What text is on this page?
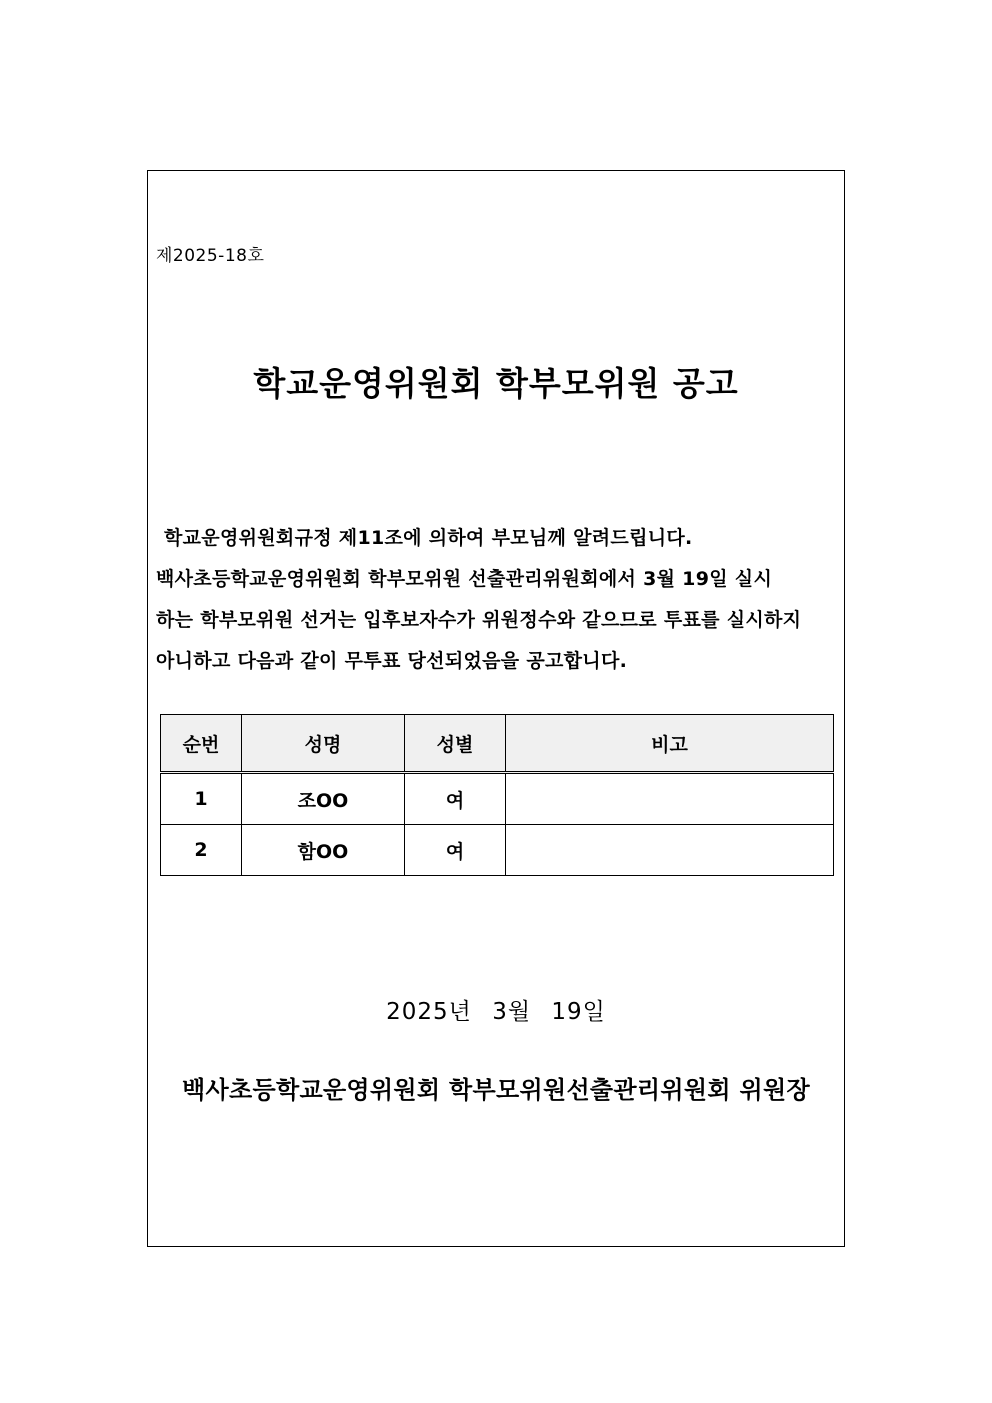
제2025-18호
학교운영위원회 학부모위원 공고
학교운영위원회규정 제11조에 의하여 부모님께 알려드립니다.
백사초등학교운영위원회 학부모위원 선출관리위원회에서 3월 19일 실시
하는 학부모위원 선거는 입후보자수가 위원정수와 같으므로 투표를 실시하지
아니하고 다음과 같이 무투표 당선되었음을 공고합니다.
순번	성명	성별	비고
1	조OO	여	
2	함OO	여	
2025년 3월 19일
백사초등학교운영위원회 학부모위원선출관리위원회 위원장
